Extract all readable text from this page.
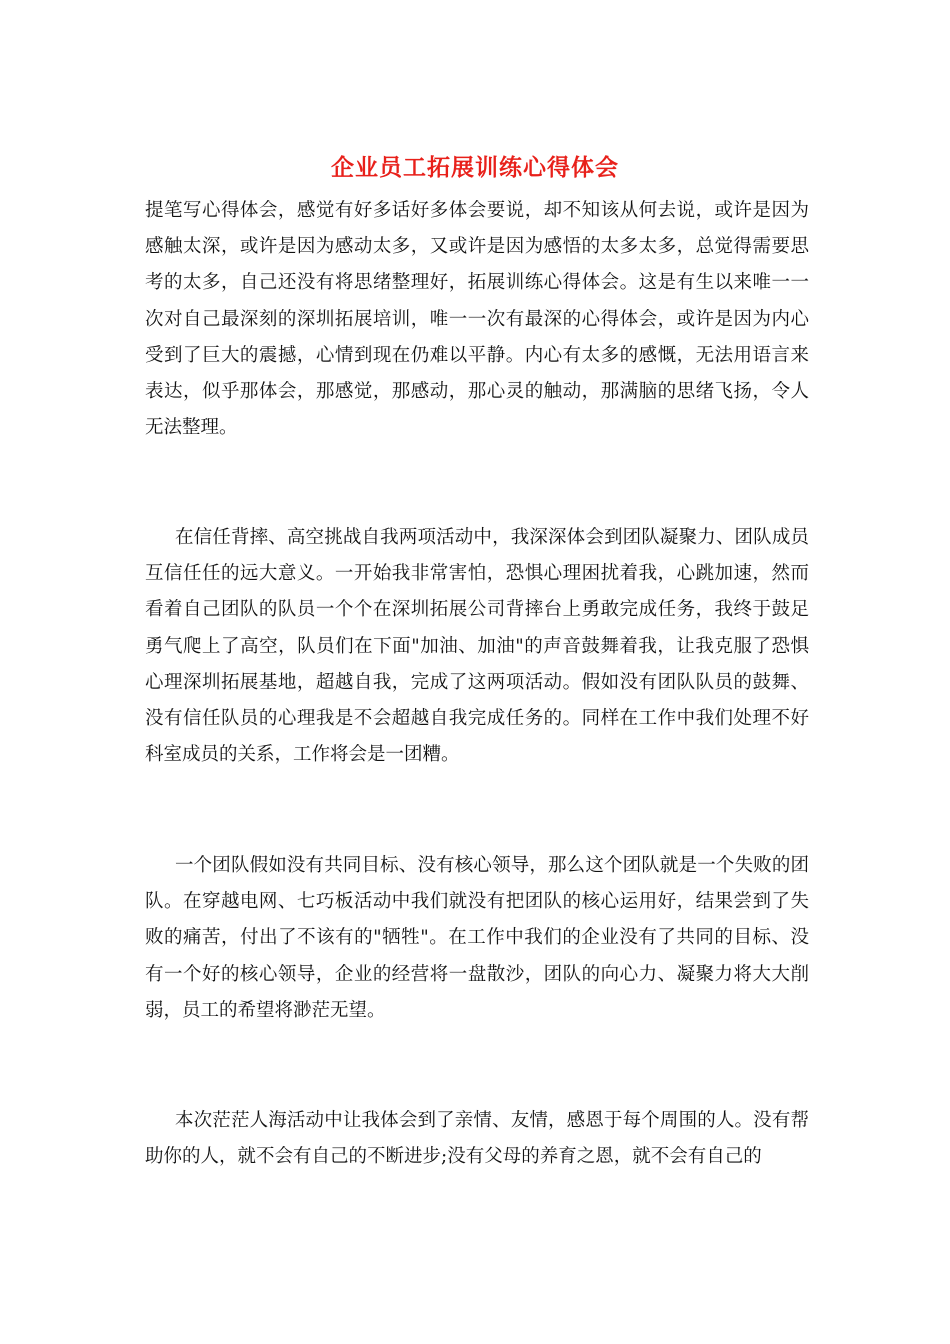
企业员工拓展训练心得体会

提笔写心得体会，感觉有好多话好多体会要说，却不知该从何去说，或许是因为感触太深，或许是因为感动太多，又或许是因为感悟的太多太多，总觉得需要思考的太多，自己还没有将思绪整理好，拓展训练心得体会。这是有生以来唯一一次对自己最深刻的深圳拓展培训，唯一一次有最深的心得体会，或许是因为内心受到了巨大的震撼，心情到现在仍难以平静。内心有太多的感慨，无法用语言来表达，似乎那体会，那感觉，那感动，那心灵的触动，那满脑的思绪飞扬，令人无法整理。

在信任背摔、高空挑战自我两项活动中，我深深体会到团队凝聚力、团队成员互信任任的远大意义。一开始我非常害怕，恐惧心理困扰着我，心跳加速，然而看着自己团队的队员一个个在深圳拓展公司背摔台上勇敢完成任务，我终于鼓足勇气爬上了高空，队员们在下面"加油、加油"的声音鼓舞着我，让我克服了恐惧心理深圳拓展基地，超越自我，完成了这两项活动。假如没有团队队员的鼓舞、没有信任队员的心理我是不会超越自我完成任务的。同样在工作中我们处理不好科室成员的关系，工作将会是一团糟。

一个团队假如没有共同目标、没有核心领导，那么这个团队就是一个失败的团队。在穿越电网、七巧板活动中我们就没有把团队的核心运用好，结果尝到了失败的痛苦，付出了不该有的"牺牲"。在工作中我们的企业没有了共同的目标、没有一个好的核心领导，企业的经营将一盘散沙，团队的向心力、凝聚力将大大削弱，员工的希望将渺茫无望。

本次茫茫人海活动中让我体会到了亲情、友情，感恩于每个周围的人。没有帮助你的人，就不会有自己的不断进步;没有父母的养育之恩，就不会有自己的
